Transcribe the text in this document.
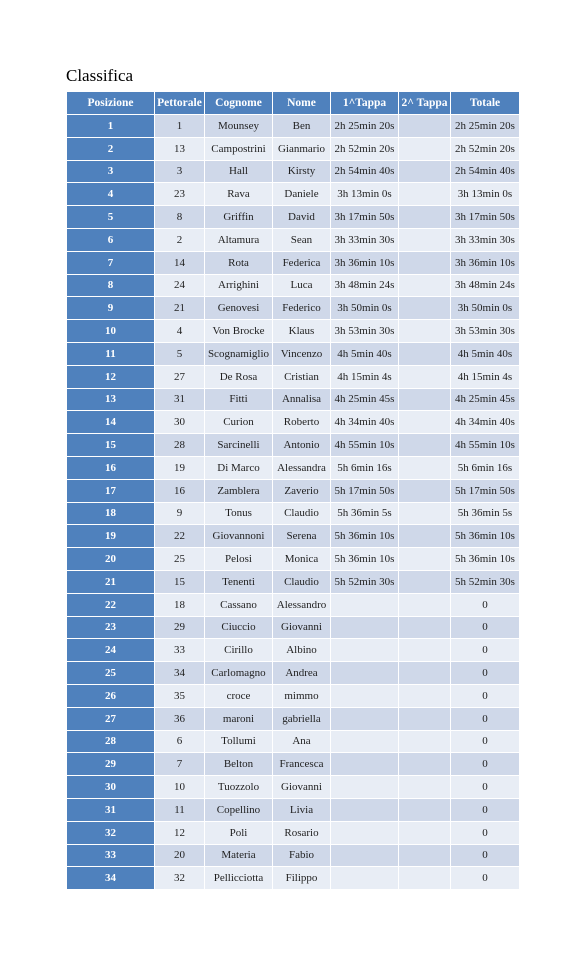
Classifica
Posizione	Pettorale	Cognome	Nome	1^Tappa	2^ Tappa	Totale
1	1	Mounsey	Ben	2h 25min 20s		2h 25min 20s
2	13	Campostrini	Gianmario	2h 52min 20s		2h 52min 20s
3	3	Hall	Kirsty	2h 54min 40s		2h 54min 40s
4	23	Rava	Daniele	3h 13min 0s		3h 13min 0s
5	8	Griffin	David	3h 17min 50s		3h 17min 50s
6	2	Altamura	Sean	3h 33min 30s		3h 33min 30s
7	14	Rota	Federica	3h 36min 10s		3h 36min 10s
8	24	Arrighini	Luca	3h 48min 24s		3h 48min 24s
9	21	Genovesi	Federico	3h 50min 0s		3h 50min 0s
10	4	Von Brocke	Klaus	3h 53min 30s		3h 53min 30s
11	5	Scognamiglio	Vincenzo	4h 5min 40s		4h 5min 40s
12	27	De Rosa	Cristian	4h 15min 4s		4h 15min 4s
13	31	Fitti	Annalisa	4h 25min 45s		4h 25min 45s
14	30	Curion	Roberto	4h 34min 40s		4h 34min 40s
15	28	Sarcinelli	Antonio	4h 55min 10s		4h 55min 10s
16	19	Di Marco	Alessandra	5h 6min 16s		5h 6min 16s
17	16	Zamblera	Zaverio	5h 17min 50s		5h 17min 50s
18	9	Tonus	Claudio	5h 36min 5s		5h 36min 5s
19	22	Giovannoni	Serena	5h 36min 10s		5h 36min 10s
20	25	Pelosi	Monica	5h 36min 10s		5h 36min 10s
21	15	Tenenti	Claudio	5h 52min 30s		5h 52min 30s
22	18	Cassano	Alessandro			0
23	29	Ciuccio	Giovanni			0
24	33	Cirillo	Albino			0
25	34	Carlomagno	Andrea			0
26	35	croce	mimmo			0
27	36	maroni	gabriella			0
28	6	Tollumi	Ana			0
29	7	Belton	Francesca			0
30	10	Tuozzolo	Giovanni			0
31	11	Copellino	Livia			0
32	12	Poli	Rosario			0
33	20	Materia	Fabio			0
34	32	Pellicciotta	Filippo			0
